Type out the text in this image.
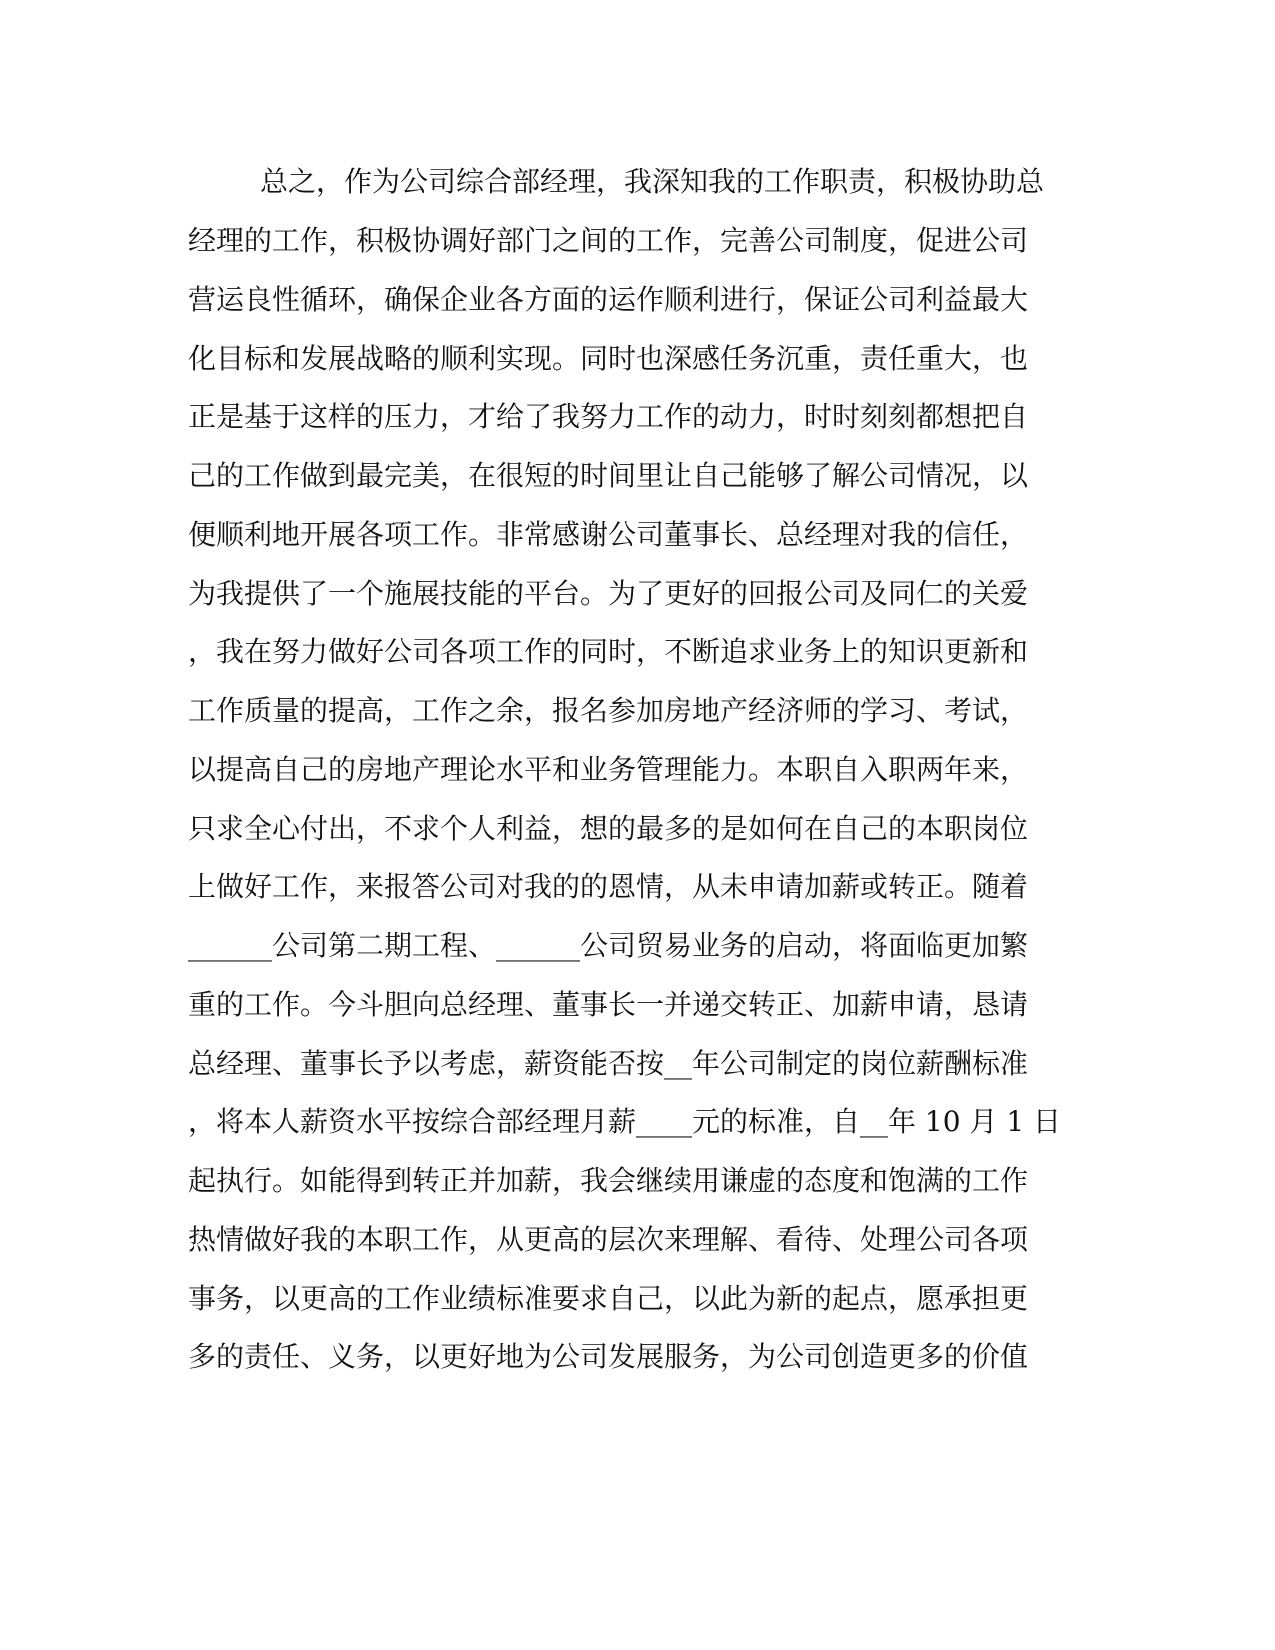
总之，作为公司综合部经理，我深知我的工作职责，积极协助总
经理的工作，积极协调好部门之间的工作，完善公司制度，促进公司
营运良性循环，确保企业各方面的运作顺利进行，保证公司利益最大
化目标和发展战略的顺利实现。同时也深感任务沉重，责任重大，也
正是基于这样的压力，才给了我努力工作的动力，时时刻刻都想把自
己的工作做到最完美，在很短的时间里让自己能够了解公司情况，以
便顺利地开展各项工作。非常感谢公司董事长、总经理对我的信任，
为我提供了一个施展技能的平台。为了更好的回报公司及同仁的关爱
，我在努力做好公司各项工作的同时，不断追求业务上的知识更新和
工作质量的提高，工作之余，报名参加房地产经济师的学习、考试，
以提高自己的房地产理论水平和业务管理能力。本职自入职两年来，
只求全心付出，不求个人利益，想的最多的是如何在自己的本职岗位
上做好工作，来报答公司对我的的恩情，从未申请加薪或转正。随着
______公司第二期工程、______公司贸易业务的启动，将面临更加繁
重的工作。今斗胆向总经理、董事长一并递交转正、加薪申请，恳请
总经理、董事长予以考虑，薪资能否按__年公司制定的岗位薪酬标准
，将本人薪资水平按综合部经理月薪____元的标准，自__年 10 月 1 日
起执行。如能得到转正并加薪，我会继续用谦虚的态度和饱满的工作
热情做好我的本职工作，从更高的层次来理解、看待、处理公司各项
事务，以更高的工作业绩标准要求自己，以此为新的起点，愿承担更
多的责任、义务，以更好地为公司发展服务，为公司创造更多的价值
